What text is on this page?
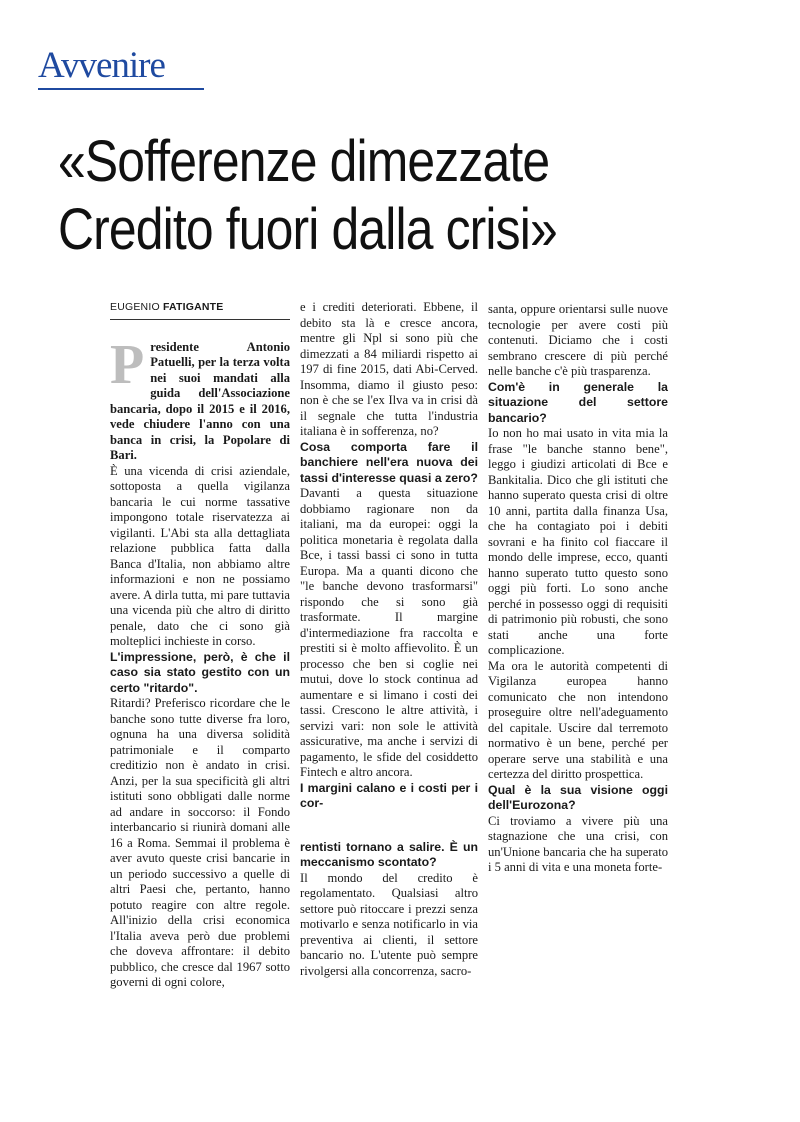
Avvenire
«Sofferenze dimezzate
Credito fuori dalla crisi»
EUGENIO FATIGANTE

Presidente Antonio Patuelli, per la terza volta nei suoi mandati alla guida dell'Associazione bancaria, dopo il 2015 e il 2016, vede chiudere l'anno con una banca in crisi, la Popolare di Bari.

È una vicenda di crisi aziendale, sottoposta a quella vigilanza bancaria le cui norme tassative impongono totale riservatezza ai vigilanti. L'Abi sta alla dettagliata relazione pubblica fatta dalla Banca d'Italia, non abbiamo altre informazioni e non ne possiamo avere. A dirla tutta, mi pare tuttavia una vicenda più che altro di diritto penale, dato che ci sono già molteplici inchieste in corso.

L'impressione, però, è che il caso sia stato gestito con un certo "ritardo".

Ritardi? Preferisco ricordare che le banche sono tutte diverse fra loro, ognuna ha una diversa solidità patrimoniale e il comparto creditizio non è andato in crisi. Anzi, per la sua specificità gli altri istituti sono obbligati dalle norme ad andare in soccorso: il Fondo interbancario si riunirà domani alle 16 a Roma. Semmai il problema è aver avuto queste crisi bancarie in un periodo successivo a quelle di altri Paesi che, pertanto, hanno potuto reagire con altre regole. All'inizio della crisi economica l'Italia aveva però due problemi che doveva affrontare: il debito pubblico, che cresce dal 1967 sotto governi di ogni colore,

e i crediti deteriorati. Ebbene, il debito sta là e cresce ancora, mentre gli Npl si sono più che dimezzati a 84 miliardi rispetto ai 197 di fine 2015, dati Abi-Cerved. Insomma, diamo il giusto peso: non è che se l'ex Ilva va in crisi dà il segnale che tutta l'industria italiana è in sofferenza, no?

Cosa comporta fare il banchiere nell'era nuova dei tassi d'interesse quasi a zero?

Davanti a questa situazione dobbiamo ragionare non da italiani, ma da europei: oggi la politica monetaria è regolata dalla Bce, i tassi bassi ci sono in tutta Europa. Ma a quanti dicono che "le banche devono trasformarsi" rispondo che si sono già trasformate. Il margine d'intermediazione fra raccolta e prestiti si è molto affievolito. È un processo che ben si coglie nei mutui, dove lo stock continua ad aumentare e si limano i costi dei tassi. Crescono le altre attività, i servizi vari: non sole le attività assicurative, ma anche i servizi di pagamento, le sfide del cosiddetto Fintech e altro ancora.

I margini calano e i costi per i cor-

rentisti tornano a salire. È un meccanismo scontato?

Il mondo del credito è regolamentato. Qualsiasi altro settore può ritoccare i prezzi senza motivarlo e senza notificarlo in via preventiva ai clienti, il settore bancario no. L'utente può sempre rivolgersi alla concorrenza, sacro-

santa, oppure orientarsi sulle nuove tecnologie per avere costi più contenuti. Diciamo che i costi sembrano crescere di più perché nelle banche c'è più trasparenza.

Com'è in generale la situazione del settore bancario?

Io non ho mai usato in vita mia la frase "le banche stanno bene", leggo i giudizi articolati di Bce e Bankitalia. Dico che gli istituti che hanno superato questa crisi di oltre 10 anni, partita dalla finanza Usa, che ha contagiato poi i debiti sovrani e ha finito col fiaccare il mondo delle imprese, ecco, quanti hanno superato tutto questo sono oggi più forti. Lo sono anche perché in possesso oggi di requisiti di patrimonio più robusti, che sono stati anche una forte complicazione.

Ma ora le autorità competenti di Vigilanza europea hanno comunicato che non intendono proseguire oltre nell'adeguamento del capitale. Uscire dal terremoto normativo è un bene, perché per operare serve una stabilità e una certezza del diritto prospettica.

Qual è la sua visione oggi dell'Eurozona?

Ci troviamo a vivere più una stagnazione che una crisi, con un'Unione bancaria che ha superato i 5 anni di vita e una moneta forte-
